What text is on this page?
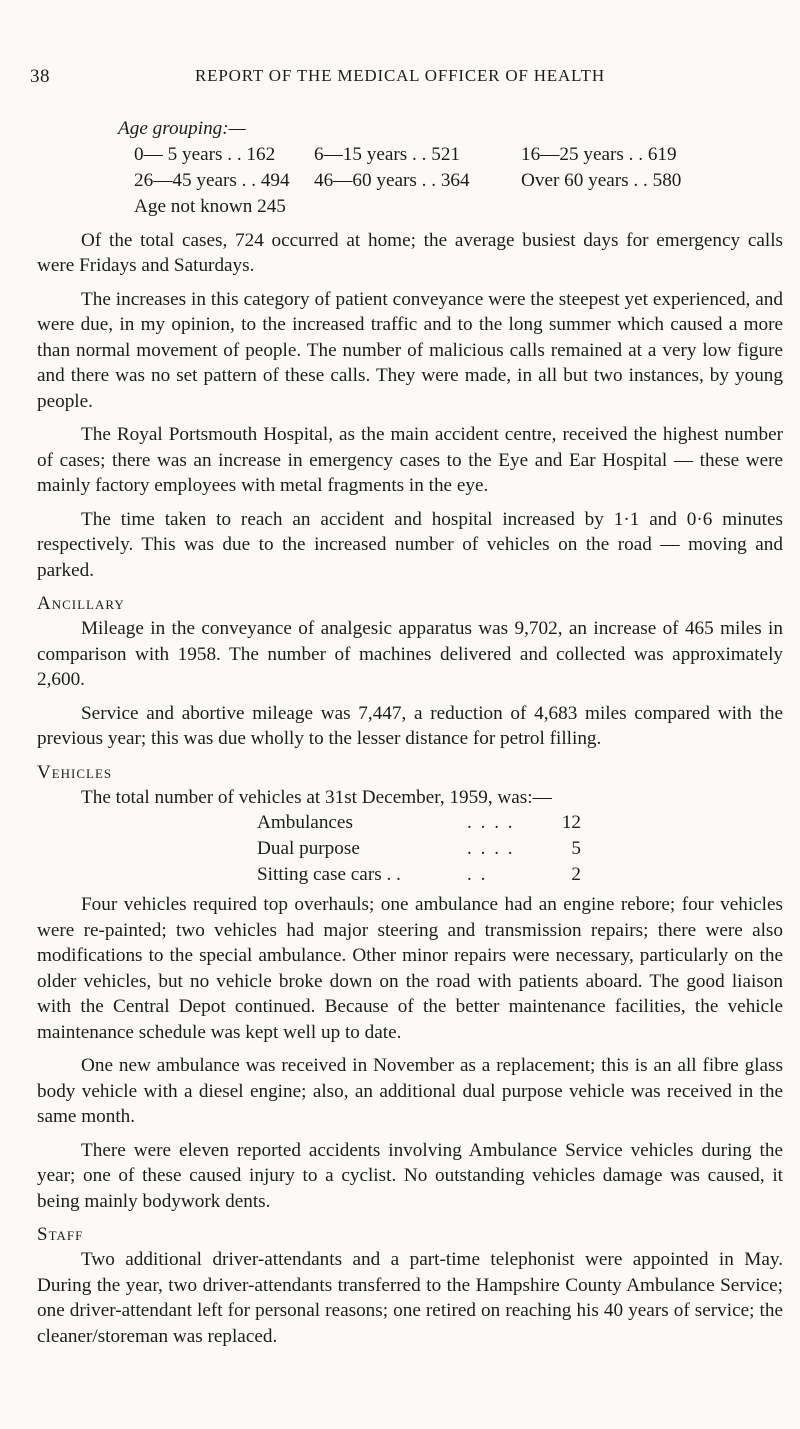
38	REPORT OF THE MEDICAL OFFICER OF HEALTH
Age grouping:—
0— 5 years . . 162 6—15 years . . 521	16—25 years . . 619
26—45 years . . 494 46—60 years . . 364	Over 60 years . . 580
Age not known 245

Of the total cases, 724 occurred at home; the average busiest days for emergency calls were Fridays and Saturdays.

The increases in this category of patient conveyance were the steepest yet experienced, and were due, in my opinion, to the increased traffic and to the long summer which caused a more than normal movement of people. The number of malicious calls remained at a very low figure and there was no set pattern of these calls. They were made, in all but two instances, by young people.

The Royal Portsmouth Hospital, as the main accident centre, received the highest number of cases; there was an increase in emergency cases to the Eye and Ear Hospital — these were mainly factory employees with metal fragments in the eye.

The time taken to reach an accident and hospital increased by 1·1 and 0·6 minutes respectively. This was due to the increased number of vehicles on the road — moving and parked.

Ancillary

Mileage in the conveyance of analgesic apparatus was 9,702, an increase of 465 miles in comparison with 1958. The number of machines delivered and collected was approximately 2,600.

Service and abortive mileage was 7,447, a reduction of 4,683 miles compared with the previous year; this was due wholly to the lesser distance for petrol filling.

Vehicles

The total number of vehicles at 31st December, 1959, was:—

Ambulances	. . . . 12
Dual purpose	. . . .	5
Sitting case cars . .	. .	2

Four vehicles required top overhauls; one ambulance had an engine rebore; four vehicles were re-painted; two vehicles had major steering and transmission repairs; there were also modifications to the special ambulance. Other minor repairs were necessary, particularly on the older vehicles, but no vehicle broke down on the road with patients aboard. The good liaison with the Central Depot continued. Because of the better maintenance facilities, the vehicle maintenance schedule was kept well up to date.

One new ambulance was received in November as a replacement; this is an all fibre glass body vehicle with a diesel engine; also, an additional dual purpose vehicle was received in the same month.

There were eleven reported accidents involving Ambulance Service vehicles during the year; one of these caused injury to a cyclist. No outstanding vehicles damage was caused, it being mainly bodywork dents.

Staff

Two additional driver-attendants and a part-time telephonist were appointed in May. During the year, two driver-attendants transferred to the Hampshire County Ambulance Service; one driver-attendant left for personal reasons; one retired on reaching his 40 years of service; the cleaner/storeman was replaced.
